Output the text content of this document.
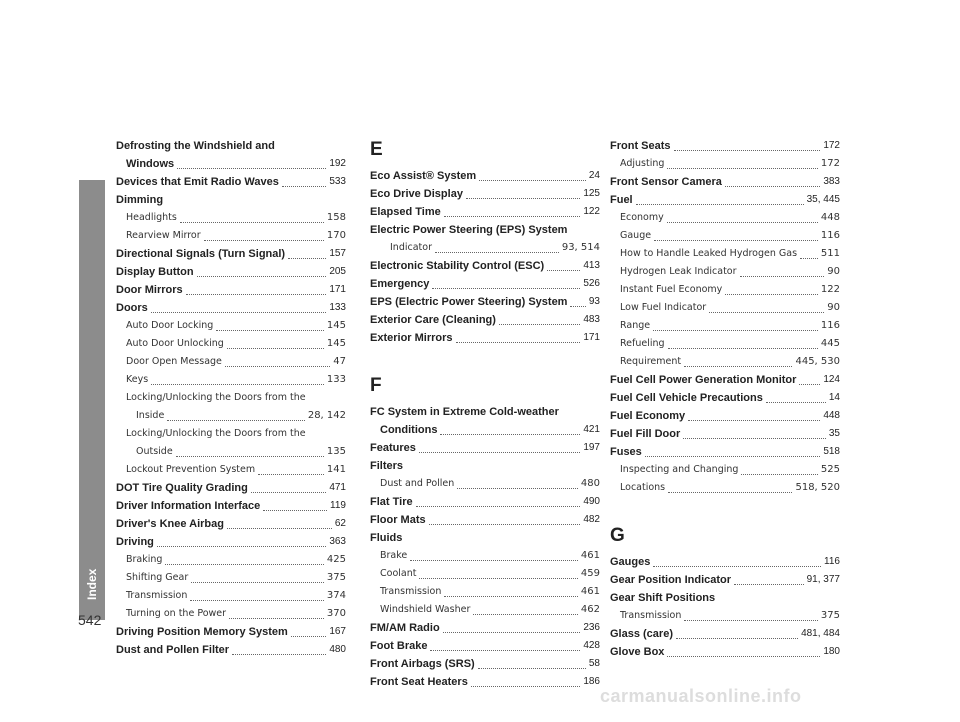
Index
542
Defrosting the Windshield and
Windows	192
Devices that Emit Radio Waves	533
Dimming
Headlights	158
Rearview Mirror	170
Directional Signals (Turn Signal)	157
Display Button	205
Door Mirrors	171
Doors	133
Auto Door Locking	145
Auto Door Unlocking	145
Door Open Message	47
Keys	133
Locking/Unlocking the Doors from the
Inside	28, 142
Locking/Unlocking the Doors from the
Outside	135
Lockout Prevention System	141
DOT Tire Quality Grading	471
Driver Information Interface	119
Driver's Knee Airbag	62
Driving	363
Braking	425
Shifting Gear	375
Transmission	374
Turning on the Power	370
Driving Position Memory System	167
Dust and Pollen Filter	480
E
Eco Assist® System	24
Eco Drive Display	125
Elapsed Time	122
Electric Power Steering (EPS) System
Indicator	93, 514
Electronic Stability Control (ESC)	413
Emergency	526
EPS (Electric Power Steering) System 93
Exterior Care (Cleaning)	483
Exterior Mirrors	171
F
FC System in Extreme Cold-weather
Conditions	421
Features	197
Filters
Dust and Pollen	480
Flat Tire	490
Floor Mats	482
Fluids
Brake	461
Coolant	459
Transmission	461
Windshield Washer	462
FM/AM Radio	236
Foot Brake	428
Front Airbags (SRS)	58
Front Seat Heaters	186
Front Seats	172
Adjusting	172
Front Sensor Camera	383
Fuel	35, 445
Economy	448
Gauge	116
How to Handle Leaked Hydrogen Gas 511
Hydrogen Leak Indicator	90
Instant Fuel Economy	122
Low Fuel Indicator	90
Range	116
Refueling	445
Requirement	445, 530
Fuel Cell Power Generation Monitor	124
Fuel Cell Vehicle Precautions	14
Fuel Economy	448
Fuel Fill Door	35
Fuses	518
Inspecting and Changing	525
Locations	518, 520
G
Gauges	116
Gear Position Indicator	91, 377
Gear Shift Positions
Transmission	375
Glass (care)	481, 484
Glove Box	180
carmanualsonline.info
